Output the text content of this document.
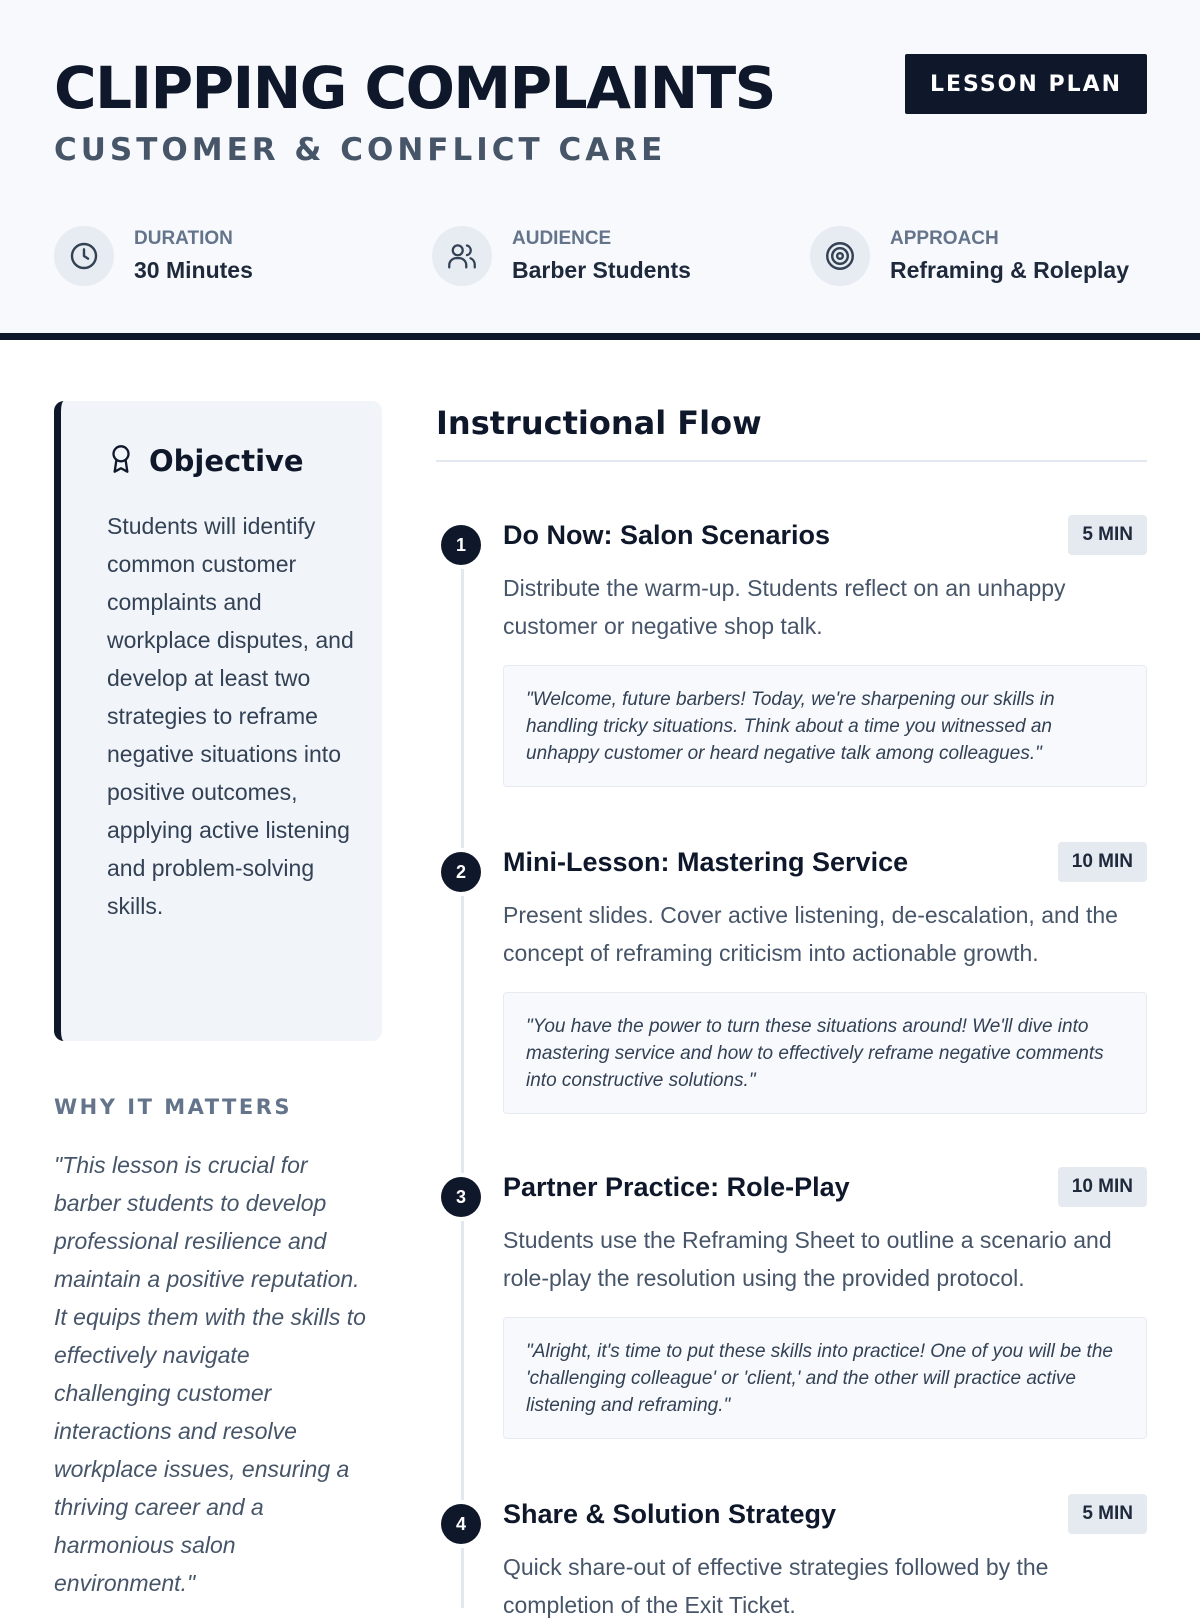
CLIPPING COMPLAINTS
CUSTOMER & CONFLICT CARE
LESSON PLAN
DURATION
30 Minutes
AUDIENCE
Barber Students
APPROACH
Reframing & Roleplay
Objective

Students will identify common customer complaints and workplace disputes, and develop at least two strategies to reframe negative situations into positive outcomes, applying active listening and problem-solving skills.

WHY IT MATTERS

"This lesson is crucial for barber students to develop professional resilience and maintain a positive reputation. It equips them with the skills to effectively navigate challenging customer interactions and resolve workplace issues, ensuring a thriving career and a harmonious salon environment."

Instructional Flow
1	Do Now: Salon Scenarios	5 MIN

Distribute the warm-up. Students reflect on an unhappy customer or negative shop talk.

"Welcome, future barbers! Today, we're sharpening our skills in handling tricky situations. Think about a time you witnessed an unhappy customer or heard negative talk among colleagues."
2	Mini-Lesson: Mastering Service	10 MIN

Present slides. Cover active listening, de-escalation, and the concept of reframing criticism into actionable growth.

"You have the power to turn these situations around! We'll dive into mastering service and how to effectively reframe negative comments into constructive solutions."
3	Partner Practice: Role-Play	10 MIN

Students use the Reframing Sheet to outline a scenario and role-play the resolution using the provided protocol.

"Alright, it's time to put these skills into practice! One of you will be the 'challenging colleague' or 'client,' and the other will practice active listening and reframing."
4	Share & Solution Strategy	5 MIN

Quick share-out of effective strategies followed by the completion of the Exit Ticket.
